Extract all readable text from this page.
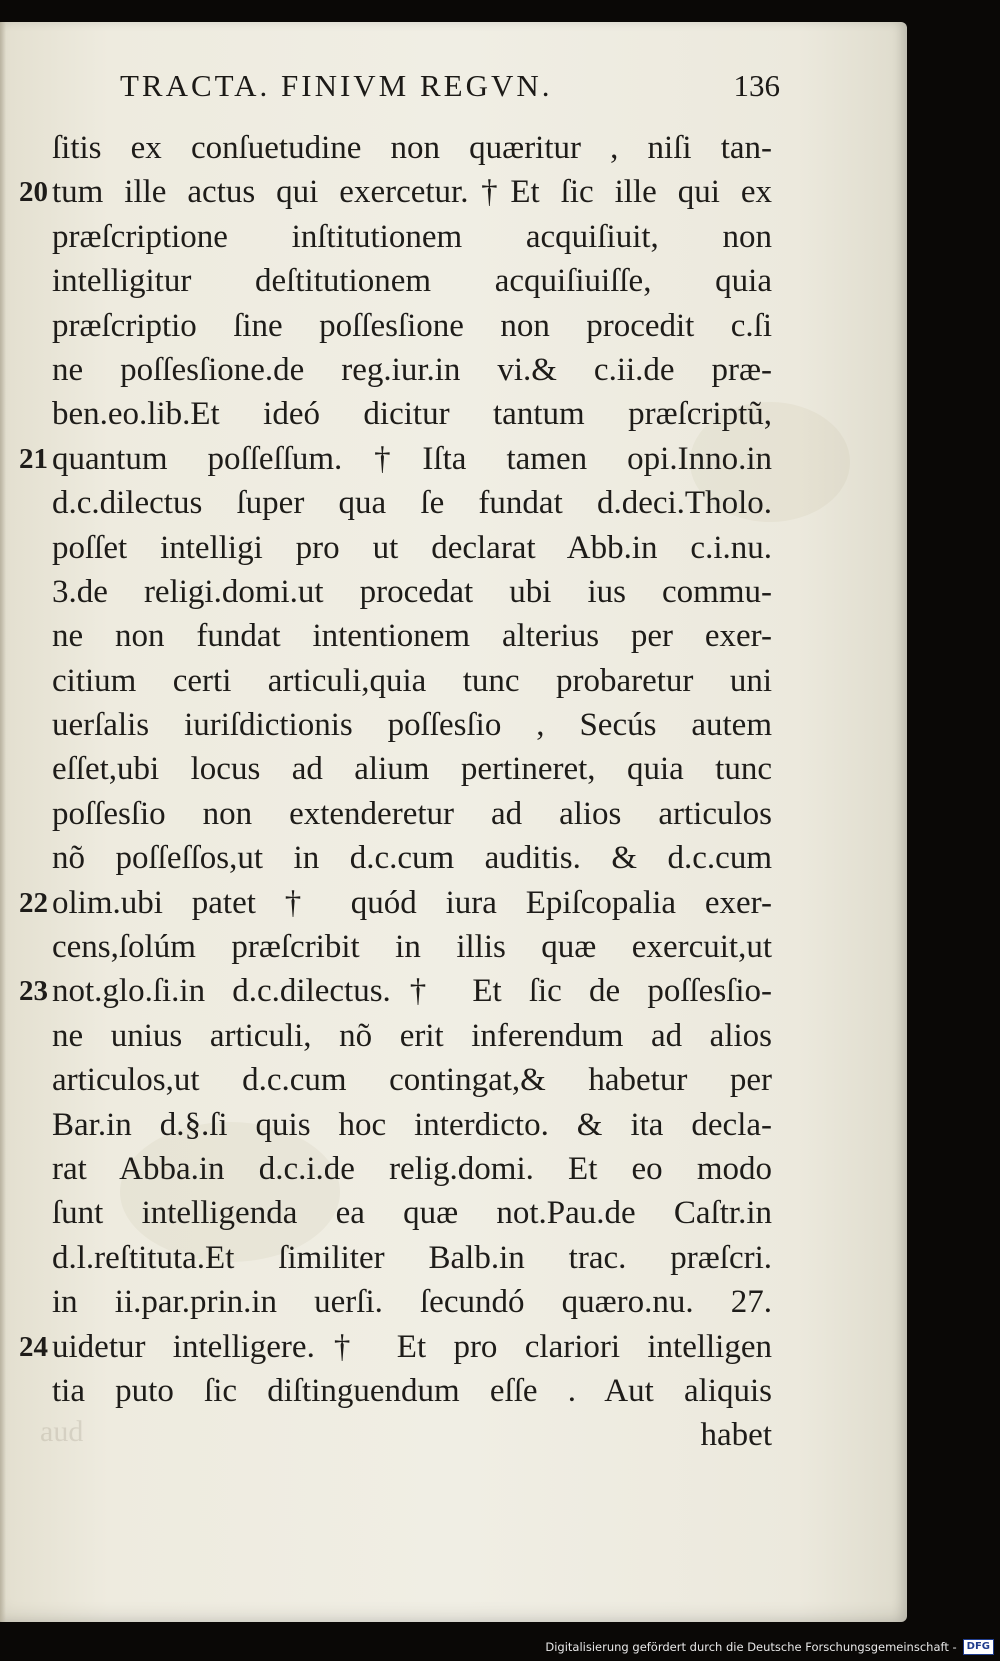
TRACTA. FINIVM REGVN.	136
ſitis ex conſuetudine non quæritur , niſi tan-
20 tum ille actus qui exercetur.†Et ſic ille qui ex
præſcriptione inſtitutionem acquiſiuit, non
intelligitur deſtitutionem acquiſiuiſſe, quia
præſcriptio ſine poſſesſione non procedit c.ſi
ne poſſesſione.de reg.iur.in vi.& c.ii.de præ-
ben.eo.lib.Et ideó dicitur tantum præſcriptũ,
21 quantum poſſeſſum.†Iſta tamen opi.Inno.in
d.c.dilectus ſuper qua ſe fundat d.deci.Tholo.
poſſet intelligi pro ut declarat Abb.in c.i.nu.
3.de religi.domi.ut procedat ubi ius commu-
ne non fundat intentionem alterius per exer-
citium certi articuli,quia tunc probaretur uni
uerſalis iuriſdictionis poſſesſio , Secús autem
eſſet,ubi locus ad alium pertineret, quia tunc
poſſesſio non extenderetur ad alios articulos
nõ poſſeſſos,ut in d.c.cum auditis. & d.c.cum
22 olim.ubi patet † quód iura Epiſcopalia exer-
cens,ſolúm præſcribit in illis quæ exercuit,ut
23 not.glo.ſi.in d.c.dilectus.† Et ſic de poſſesſio-
ne unius articuli, nõ erit inferendum ad alios
articulos,ut d.c.cum contingat,& habetur per
Bar.in d.§.ſi quis hoc interdicto. & ita decla-
rat Abba.in d.c.i.de relig.domi. Et eo modo
ſunt intelligenda ea quæ not.Pau.de Caſtr.in
d.l.reſtituta.Et ſimiliter Balb.in trac. præſcri.
in ii.par.prin.in uerſi. ſecundó quæro.nu. 27.
24 uidetur intelligere.† Et pro clariori intelligen
tia puto ſic diſtinguendum eſſe . Aut aliquis
habet
aud
Digitalisierung gefördert durch die Deutsche Forschungsgemeinschaft -	DFG
